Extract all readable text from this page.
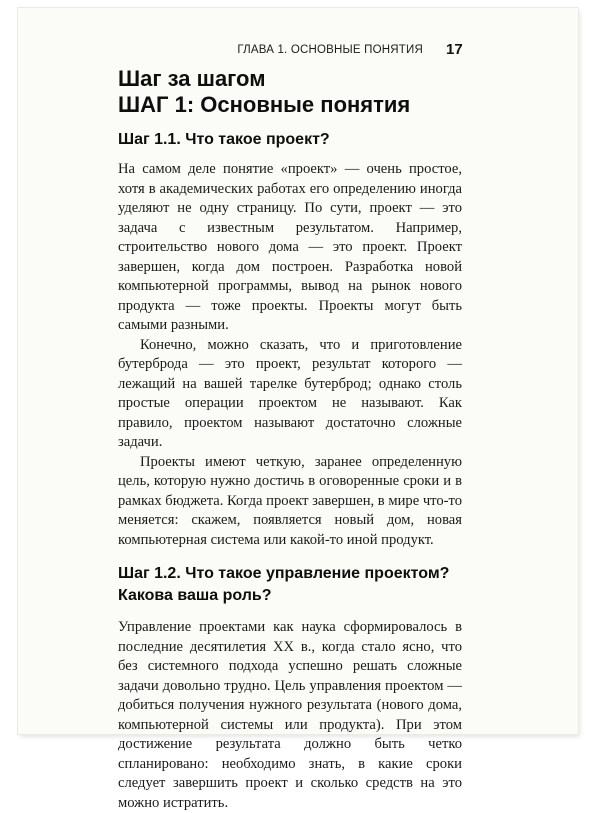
ГЛАВА 1. ОСНОВНЫЕ ПОНЯТИЯ 17
Шаг за шагом
ШАГ 1: Основные понятия
Шаг 1.1. Что такое проект?

На самом деле понятие «проект» — очень простое, хотя в академических работах его определению иногда уделяют не одну страницу. По сути, проект — это задача с известным результатом. Например, строительство нового дома — это проект. Проект завершен, когда дом построен. Разработка новой компьютерной программы, вывод на рынок нового продукта — тоже проекты. Проекты могут быть самыми разными.

Конечно, можно сказать, что и приготовление бутерброда — это проект, результат которого — лежащий на вашей тарелке бутерброд; однако столь простые операции проектом не называют. Как правило, проектом называют достаточно сложные задачи.

Проекты имеют четкую, заранее определенную цель, которую нужно достичь в оговоренные сроки и в рамках бюджета. Когда проект завершен, в мире что-то меняется: скажем, появляется новый дом, новая компьютерная система или какой-то иной продукт.

Шаг 1.2. Что такое управление проектом?
Какова ваша роль?

Управление проектами как наука сформировалось в последние десятилетия XX в., когда стало ясно, что без системного подхода успешно решать сложные задачи довольно трудно. Цель управления проектом — добиться получения нужного результата (нового дома, компьютерной системы или продукта). При этом достижение результата должно быть четко спланировано: необходимо знать, в какие сроки следует завершить проект и сколько средств на это можно истратить.
